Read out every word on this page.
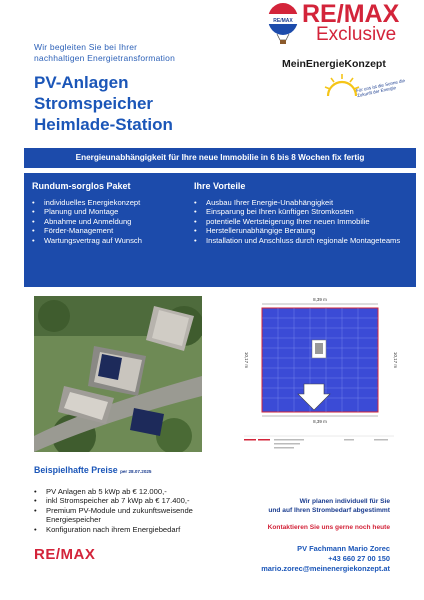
RE/MAX RE/MAX
Exclusive
MeinEnergieKonzept
Für uns ist die Sonne die Zukunft der Energie
Wir begleiten Sie bei Ihrer
nachhaltigen Energietransformation
PV-Anlagen
Stromspeicher
Heimlade-Station
Energieunabhängigkeit für Ihre neue Immobilie in 6 bis 8 Wochen fix fertig
Rundum-sorglos Paket
• individuelles Energiekonzept
• Planung und Montage
• Abnahme und Anmeldung
• Förder-Management
• Wartungsvertrag auf Wunsch
Ihre Vorteile
• Ausbau Ihrer Energie-Unabhängigkeit
• Einsparung bei Ihren künftigen Stromkosten
• potentielle Wertsteigerung Ihrer neuen Immobilie
• Herstellerunabhängige Beratung
• Installation und Anschluss durch regionale Montageteams
8,39 m
8,39 m
10,17 m	10,17 m
Beispielhafte Preise per 28.07.2025
• PV Anlagen ab 5 kWp ab € 12.000,-
• inkl Stromspeicher ab 7 kWp ab € 17.400,-
• Premium PV-Module und zukunftsweisende Energiespeicher
• Konfiguration nach ihrem Energiebedarf
RE/MAX
Wir planen individuell für Sie
und auf Ihren Strombedarf abgestimmt
Kontaktieren Sie uns gerne noch heute
PV Fachmann Mario Zorec
+43 660 27 00 150
mario.zorec@meinenergiekonzept.at
